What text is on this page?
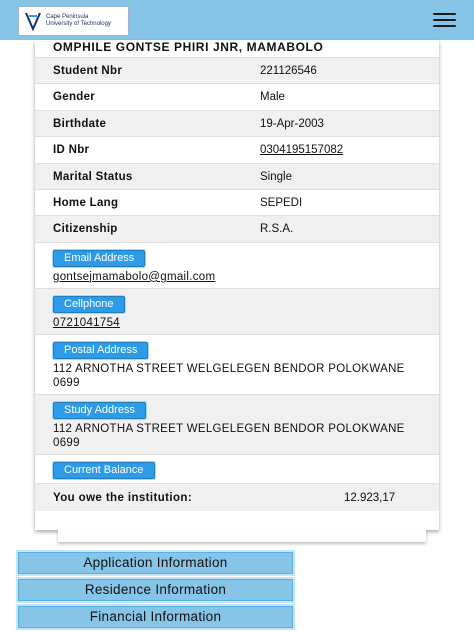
Cape Peninsula
University of Technology
OMPHILE GONTSE PHIRI JNR, MAMABOLO
Student Nbr	221126546
Gender	Male
Birthdate	19-Apr-2003
ID Nbr	0304195157082
Marital Status	Single
Home Lang	SEPEDI
Citizenship	R.S.A.
Email Address
gontsejmamabolo@gmail.com
Cellphone
0721041754
Postal Address
112 ARNOTHA STREET WELGELEGEN BENDOR POLOKWANE 0699
Study Address
112 ARNOTHA STREET WELGELEGEN BENDOR POLOKWANE 0699
Current Balance
You owe the institution:	12.923,17
Application Information
Residence Information
Financial Information
